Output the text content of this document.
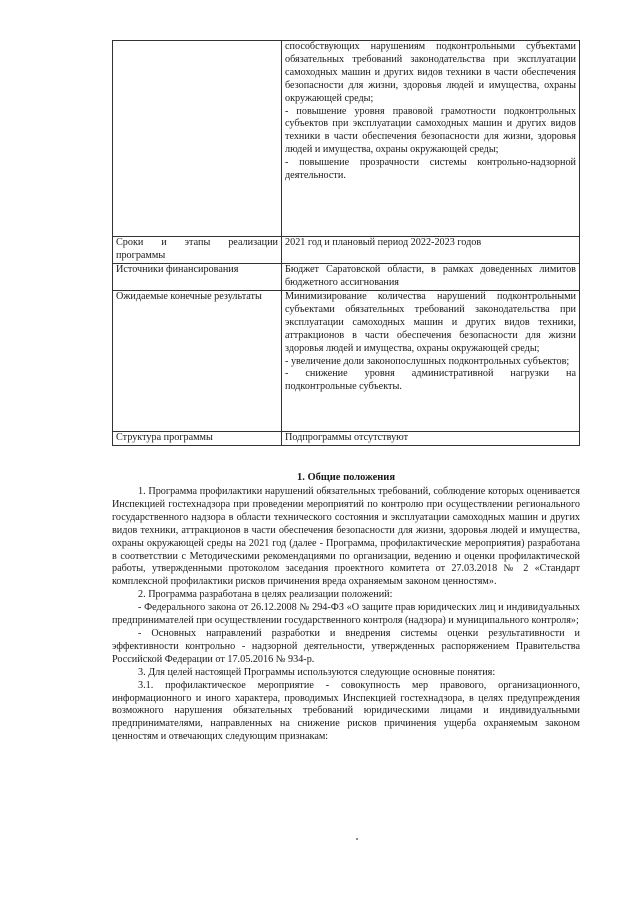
	способствующих нарушениям подконтрольными субъектами обязательных требований законодательства при эксплуатации самоходных машин и других видов техники в части обеспечения безопасности для жизни, здоровья людей и имущества, охраны окружающей среды;

- повышение уровня правовой грамотности подконтрольных субъектов при эксплуатации самоходных машин и других видов техники в части обеспечения безопасности для жизни, здоровья людей и имущества, охраны окружающей среды;

- повышение прозрачности системы контрольно-надзорной деятельности.

Сроки и этапы реализации программы	2021 год и плановый период 2022-2023 годов

Источники финансирования	Бюджет Саратовской области, в рамках доведенных лимитов бюджетного ассигнования

Ожидаемые конечные результаты	Минимизирование количества нарушений подконтрольными субъектами обязательных требований законодательства при эксплуатации самоходных машин и других видов техники, аттракционов в части обеспечения безопасности для жизни здоровья людей и имущества, охраны окружающей среды;

- увеличение доли законопослушных подконтрольных субъектов;

- снижение уровня административной нагрузки на подконтрольные субъекты.

Структура программы	Подпрограммы отсутствуют

1. Общие положения

1. Программа профилактики нарушений обязательных требований, соблюдение которых оценивается Инспекцией гостехнадзора при проведении мероприятий по контролю при осуществлении регионального государственного надзора в области технического состояния и эксплуатации самоходных машин и других видов техники, аттракционов в части обеспечения безопасности для жизни, здоровья людей и имущества, охраны окружающей среды на 2021 год (далее - Программа, профилактические мероприятия) разработана в соответствии с Методическими рекомендациями по организации, ведению и оценки профилактической работы, утвержденными протоколом заседания проектного комитета от 27.03.2018 № 2 «Стандарт комплексной профилактики рисков причинения вреда охраняемым законом ценностям».

2. Программа разработана в целях реализации положений:

- Федерального закона от 26.12.2008 № 294-ФЗ «О защите прав юридических лиц и индивидуальных предпринимателей при осуществлении государственного контроля (надзора) и муниципального контроля»;

- Основных направлений разработки и внедрения системы оценки результативности и эффективности контрольно - надзорной деятельности, утвержденных распоряжением Правительства Российской Федерации от 17.05.2016 № 934-р.

3. Для целей настоящей Программы используются следующие основные понятия:

3.1. профилактическое мероприятие - совокупность мер правового, организационного, информационного и иного характера, проводимых Инспекцией гостехнадзора, в целях предупреждения возможного нарушения обязательных требований юридическими лицами и индивидуальными предпринимателями, направленных на снижение рисков причинения ущерба охраняемым законом ценностям и отвечающих следующим признакам:
